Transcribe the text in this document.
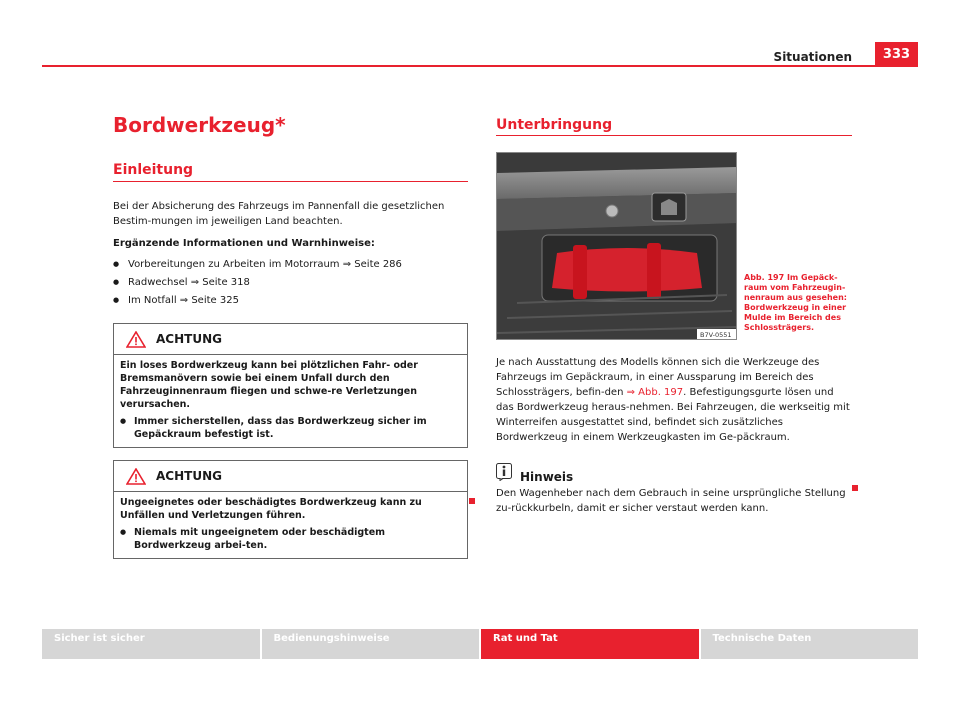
Situationen	333
Bordwerkzeug*
Einleitung

Bei der Absicherung des Fahrzeugs im Pannenfall die gesetzlichen Bestim-mungen im jeweiligen Land beachten.

Ergänzende Informationen und Warnhinweise:

● Vorbereitungen zu Arbeiten im Motorraum ⇒ Seite 286
● Radwechsel ⇒ Seite 318
● Im Notfall ⇒ Seite 325
ACHTUNG

Ein loses Bordwerkzeug kann bei plötzlichen Fahr- oder Bremsmanövern sowie bei einem Unfall durch den Fahrzeuginnenraum fliegen und schwe-re Verletzungen verursachen.

● Immer sicherstellen, dass das Bordwerkzeug sicher im Gepäckraum befestigt ist.

ACHTUNG

Ungeeignetes oder beschädigtes Bordwerkzeug kann zu Unfällen und Verletzungen führen.

● Niemals mit ungeeignetem oder beschädigtem Bordwerkzeug arbei-ten.

Unterbringung
B7V-0551
Abb. 197 Im Gepäck-raum vom Fahrzeugin-nenraum aus gesehen: Bordwerkzeug in einer Mulde im Bereich des Schlossträgers.

Je nach Ausstattung des Modells können sich die Werkzeuge des Fahrzeugs im Gepäckraum, in einer Aussparung im Bereich des Schlossträgers, befin-den ⇒ Abb. 197. Befestigungsgurte lösen und das Bordwerkzeug heraus-nehmen. Bei Fahrzeugen, die werkseitig mit Winterreifen ausgestattet sind, befindet sich zusätzliches Bordwerkzeug in einem Werkzeugkasten im Ge-päckraum.

Hinweis

Den Wagenheber nach dem Gebrauch in seine ursprüngliche Stellung zu-rückkurbeln, damit er sicher verstaut werden kann.

Sicher ist sicher	Bedienungshinweise	Rat und Tat	Technische Daten
